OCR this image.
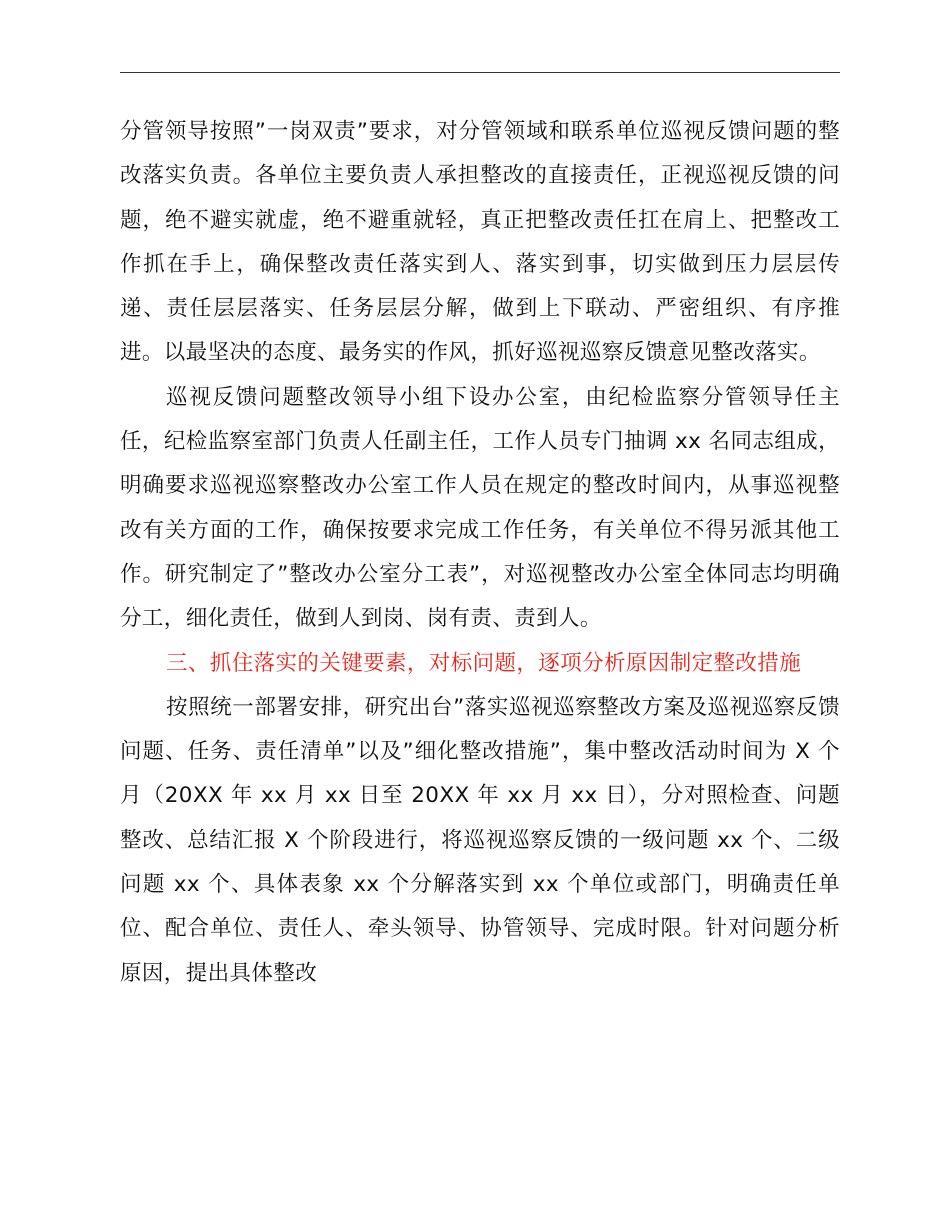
分管领导按照”一岗双责”要求，对分管领域和联系单位巡视反馈问题的整改落实负责。各单位主要负责人承担整改的直接责任，正视巡视反馈的问题，绝不避实就虚，绝不避重就轻，真正把整改责任扛在肩上、把整改工作抓在手上，确保整改责任落实到人、落实到事，切实做到压力层层传递、责任层层落实、任务层层分解，做到上下联动、严密组织、有序推进。以最坚决的态度、最务实的作风，抓好巡视巡察反馈意见整改落实。

巡视反馈问题整改领导小组下设办公室，由纪检监察分管领导任主任，纪检监察室部门负责人任副主任，工作人员专门抽调 xx 名同志组成，明确要求巡视巡察整改办公室工作人员在规定的整改时间内，从事巡视整改有关方面的工作，确保按要求完成工作任务，有关单位不得另派其他工作。研究制定了”整改办公室分工表”，对巡视整改办公室全体同志均明确分工，细化责任，做到人到岗、岗有责、责到人。

三、抓住落实的关键要素，对标问题，逐项分析原因制定整改措施

按照统一部署安排，研究出台”落实巡视巡察整改方案及巡视巡察反馈问题、任务、责任清单”以及”细化整改措施”，集中整改活动时间为 X 个月（20XX 年 xx 月 xx 日至 20XX 年 xx 月 xx 日），分对照检查、问题整改、总结汇报 X 个阶段进行，将巡视巡察反馈的一级问题 xx 个、二级问题 xx 个、具体表象 xx 个分解落实到 xx 个单位或部门，明确责任单位、配合单位、责任人、牵头领导、协管领导、完成时限。针对问题分析原因，提出具体整改
